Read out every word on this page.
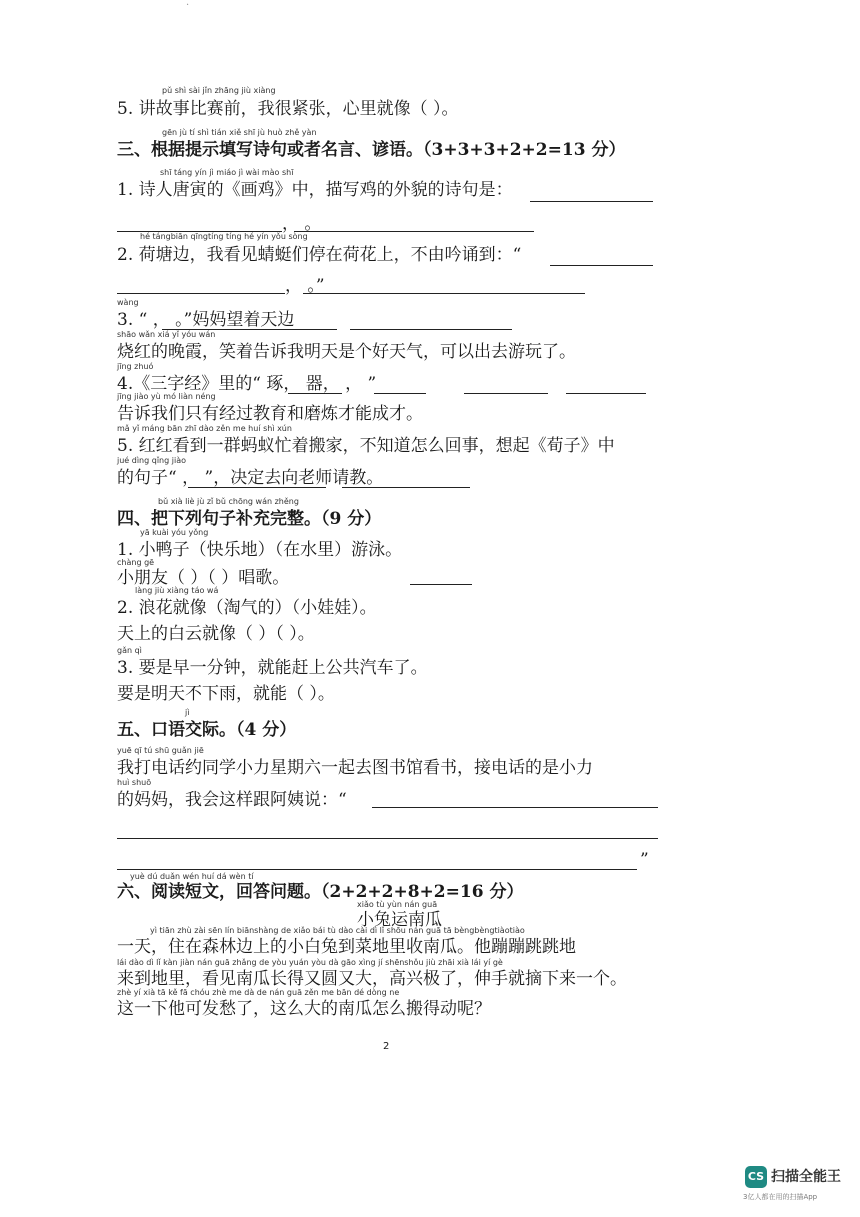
·
pǔ shì sài jǐn zhāng jiù xiàng
5. 讲故事比赛前，我很紧张，心里就像（ ）。
gēn jù tí shì tián xiě shī jù huò zhě yàn
三、根据提示填写诗句或者名言、谚语。（3+3+3+2+2=13 分）
shī táng yín jì miáo jì wài mào shī
1. 诗人唐寅的《画鸡》中，描写鸡的外貌的诗句是：
， 。
hé tángbiān qīngtíng tíng hé yín yǒu sòng
2. 荷塘边，我看见蜻蜓们停在荷花上，不由吟诵到：“
， 。”
wàng
3. “ ， 。”妈妈望着天边
shāo wǎn xiá yǐ yóu wán
烧红的晚霞，笑着告诉我明天是个好天气，可以出去游玩了。
jīng zhuó
4.《三字经》里的“ 琢， 器， ， ”
jīng jiào yù mó liàn néng
告诉我们只有经过教育和磨炼才能成才。
mǎ yǐ máng bān zhī dào zěn me huí shì xún
5. 红红看到一群蚂蚁忙着搬家，不知道怎么回事，想起《荀子》中
jué dìng qǐng jiào
的句子“ ， ”，决定去向老师请教。
bǔ xià liè jù zǐ bǔ chōng wán zhěng
四、把下列句子补充完整。（9 分）
yā kuài yóu yǒng
1. 小鸭子（快乐地）（在水里）游泳。
chàng gē
小朋友（ ）（ ）唱歌。
làng jiù xiàng táo wá
2. 浪花就像（淘气的）（小娃娃）。
天上的白云就像（ ）（ ）。
gǎn qì
3. 要是早一分钟，就能赶上公共汽车了。
要是明天不下雨，就能（ ）。
jì
五、口语交际。（4 分）
yuē qī tú shū guǎn jiē
我打电话约同学小力星期六一起去图书馆看书，接电话的是小力
huì shuō
的妈妈，我会这样跟阿姨说：“
”
yuè dú duǎn wén huí dá wèn tí
六、阅读短文，回答问题。（2+2+2+8+2=16 分）
xiǎo tù yùn nán guā
小兔运南瓜
yì tiān zhù zài sēn lín biānshàng de xiǎo bái tù dào cài dì lǐ shōu nán guā tā bèngbèngtiàotiào
一天，住在森林边上的小白兔到菜地里收南瓜。他蹦蹦跳跳地
lái dào dì lǐ kàn jiàn nán guā zhǎng de yòu yuán yòu dà gāo xìng jí shēnshǒu jiù zhāi xià lái yí gè
来到地里，看见南瓜长得又圆又大，高兴极了，伸手就摘下来一个。
zhè yí xià tā kě fā chóu zhè me dà de nán guā zěn me bān dé dòng ne
这一下他可发愁了，这么大的南瓜怎么搬得动呢？
2
CS 扫描全能王
3亿人都在用的扫描App
